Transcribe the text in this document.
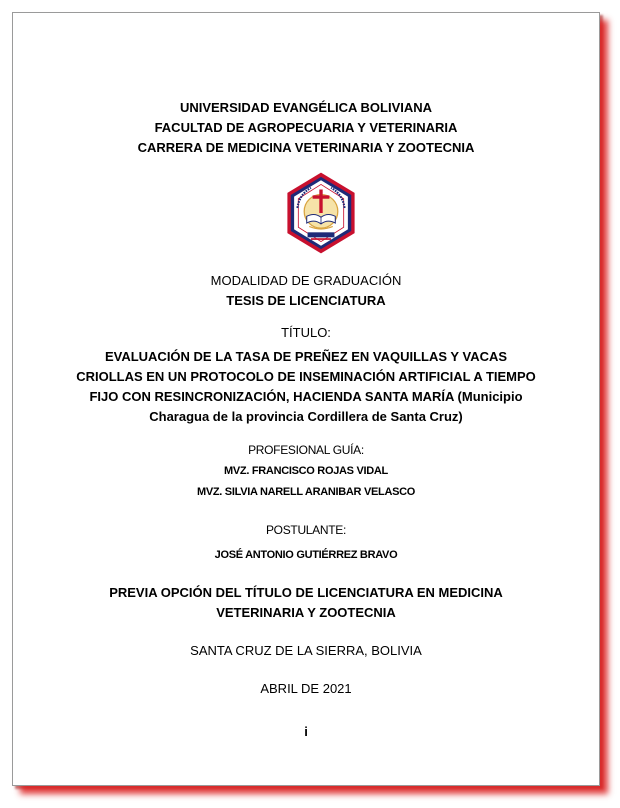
UNIVERSIDAD EVANGÉLICA BOLIVIANA
FACULTAD DE AGROPECUARIA Y VETERINARIA
CARRERA DE MEDICINA VETERINARIA Y ZOOTECNIA
MODALIDAD DE GRADUACIÓN
TESIS DE LICENCIATURA
TÍTULO:
EVALUACIÓN DE LA TASA DE PREÑEZ EN VAQUILLAS Y VACAS
CRIOLLAS EN UN PROTOCOLO DE INSEMINACIÓN ARTIFICIAL A TIEMPO
FIJO CON RESINCRONIZACIÓN, HACIENDA SANTA MARÍA (Municipio
Charagua de la provincia Cordillera de Santa Cruz)
PROFESIONAL GUÍA:
MVZ. FRANCISCO ROJAS VIDAL
MVZ. SILVIA NARELL ARANIBAR VELASCO
POSTULANTE:
JOSÉ ANTONIO GUTIÉRREZ BRAVO
PREVIA OPCIÓN DEL TÍTULO DE LICENCIATURA EN MEDICINA
VETERINARIA Y ZOOTECNIA
SANTA CRUZ DE LA SIERRA, BOLIVIA
ABRIL DE 2021
i
